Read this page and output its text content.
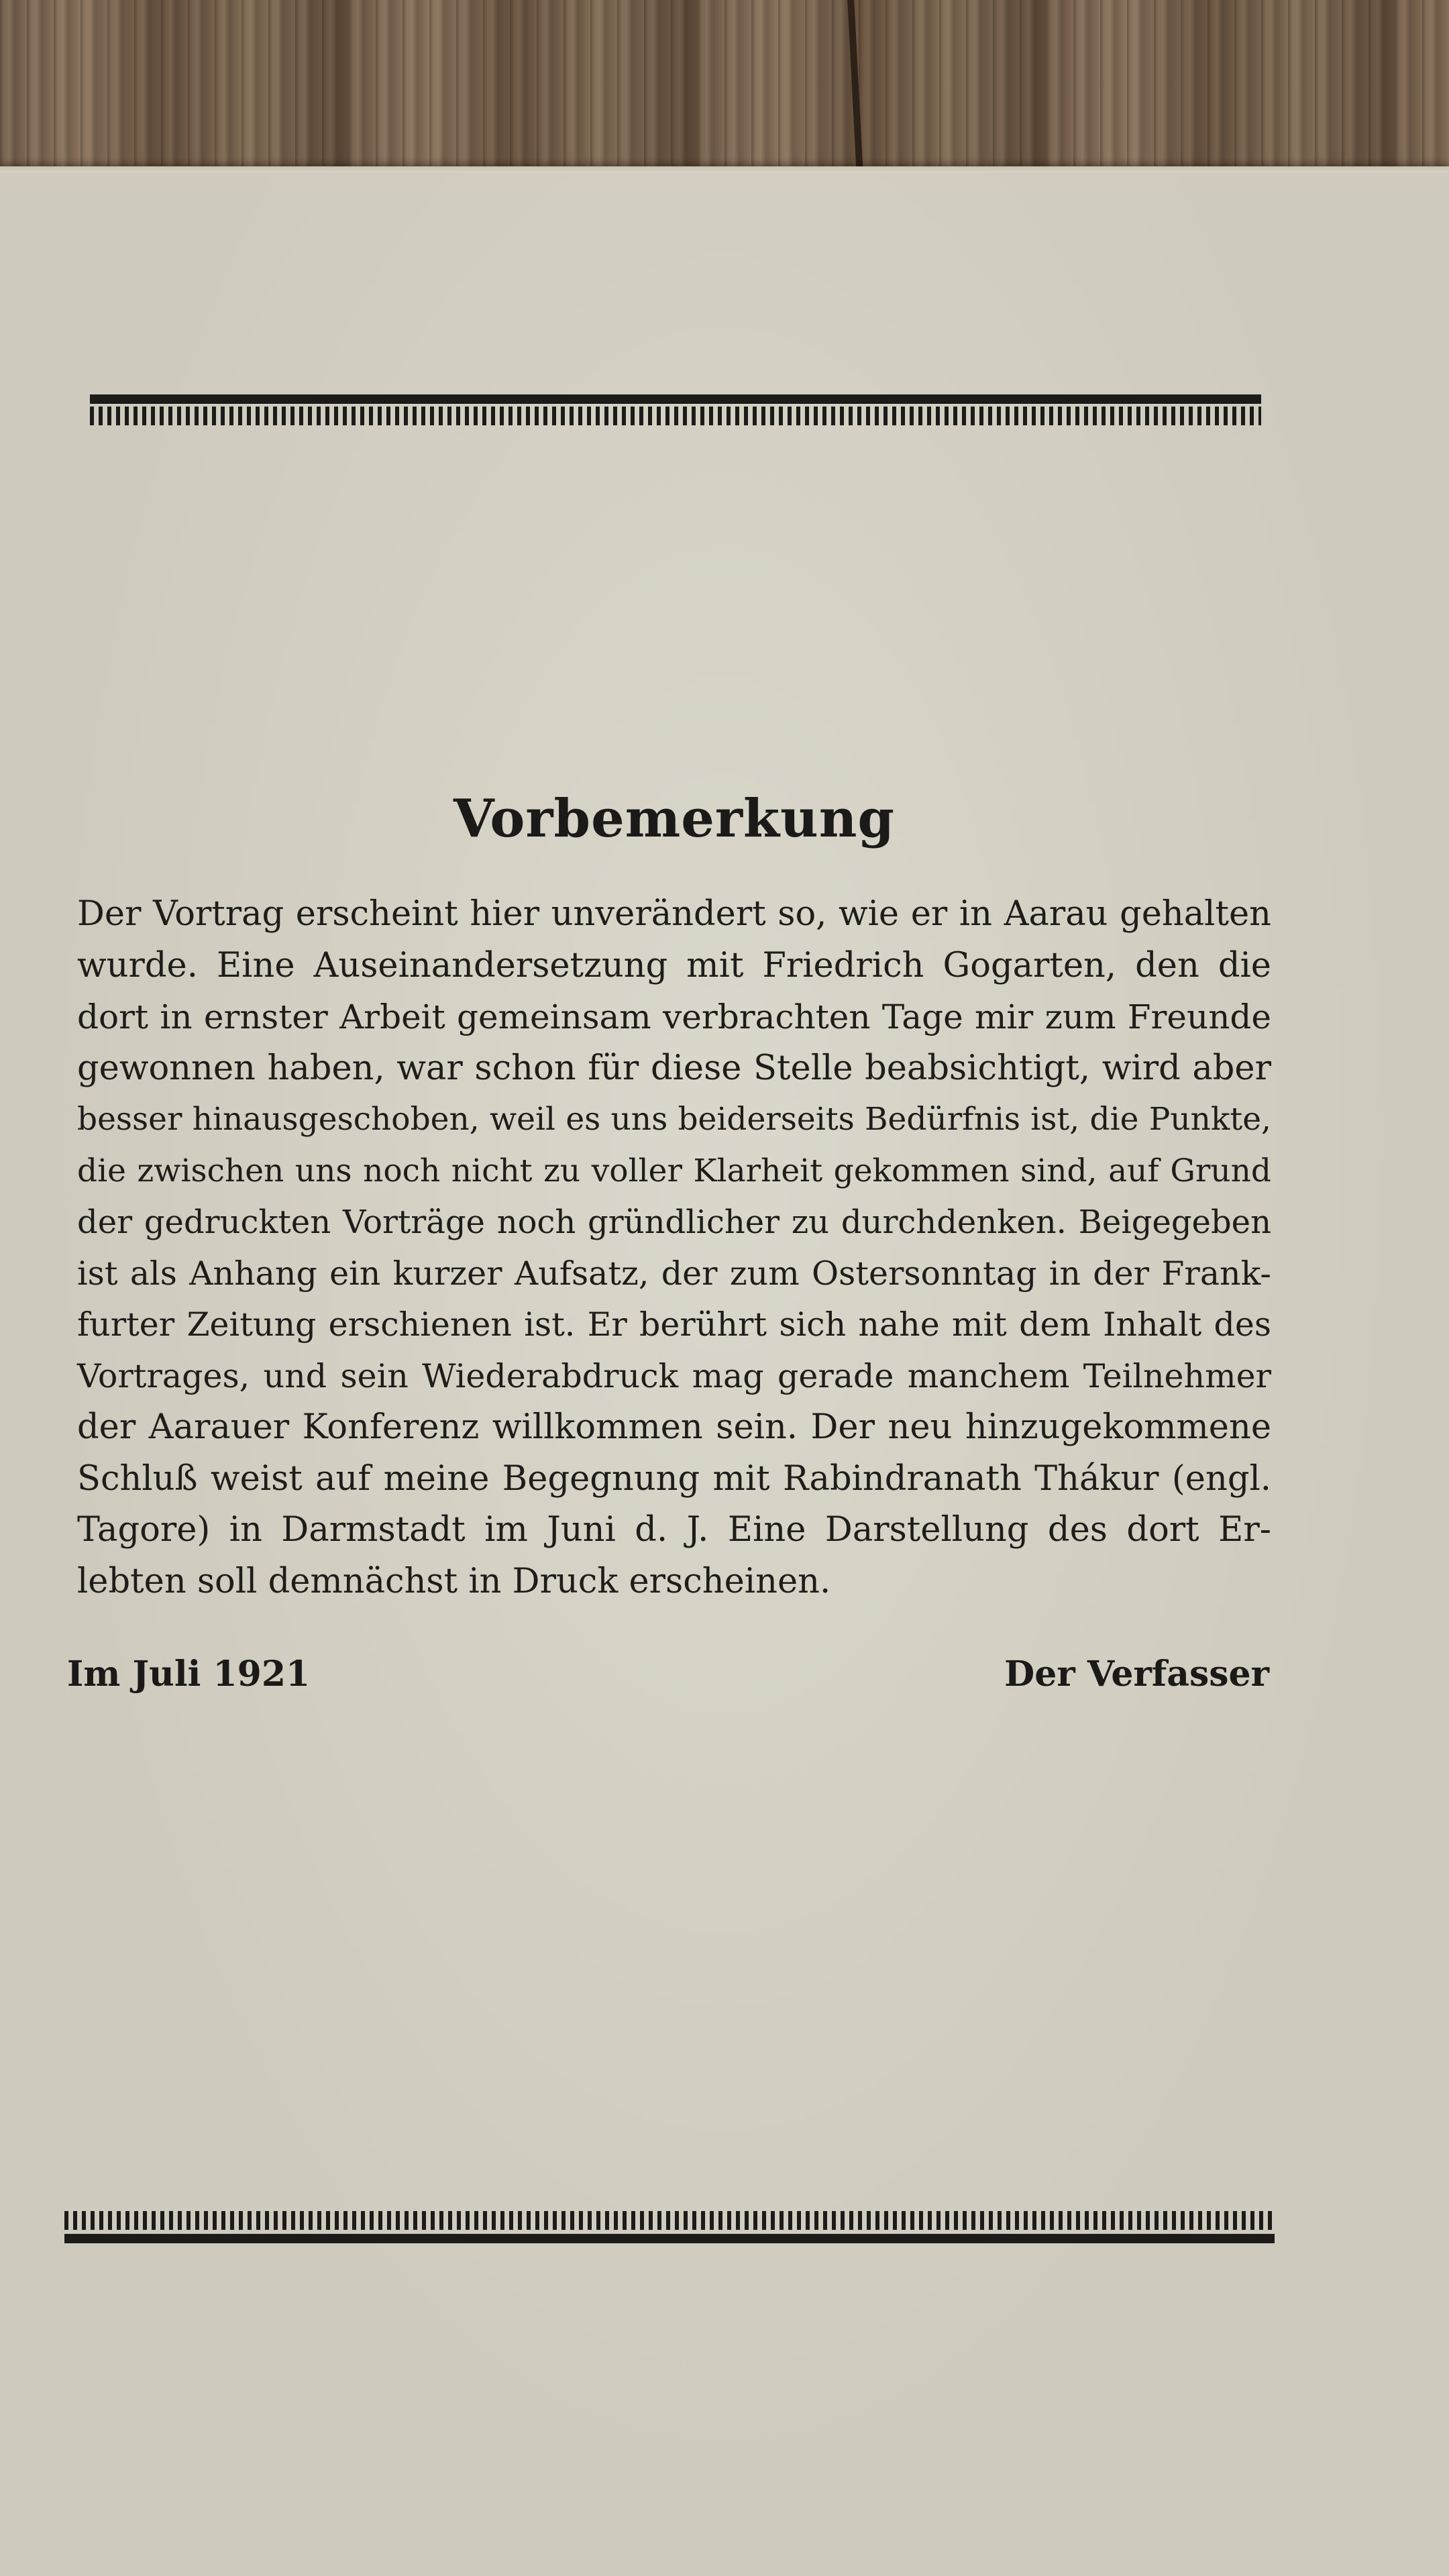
Vorbemerkung
Der Vortrag erscheint hier unverändert so, wie er in Aarau gehalten
wurde. Eine Auseinandersetzung mit Friedrich Gogarten, den die
dort in ernster Arbeit gemeinsam verbrachten Tage mir zum Freunde
gewonnen haben, war schon für diese Stelle beabsichtigt, wird aber
besser hinausgeschoben, weil es uns beiderseits Bedürfnis ist, die Punkte,
die zwischen uns noch nicht zu voller Klarheit gekommen sind, auf Grund
der gedruckten Vorträge noch gründlicher zu durchdenken. Beigegeben
ist als Anhang ein kurzer Aufsatz, der zum Ostersonntag in der Frank-
furter Zeitung erschienen ist. Er berührt sich nahe mit dem Inhalt des
Vortrages, und sein Wiederabdruck mag gerade manchem Teilnehmer
der Aarauer Konferenz willkommen sein. Der neu hinzugekommene
Schluß weist auf meine Begegnung mit Rabindranath Thákur (engl.
Tagore) in Darmstadt im Juni d. J. Eine Darstellung des dort Er-
lebten soll demnächst in Druck erscheinen.
Im Juli 1921	Der Verfasser
